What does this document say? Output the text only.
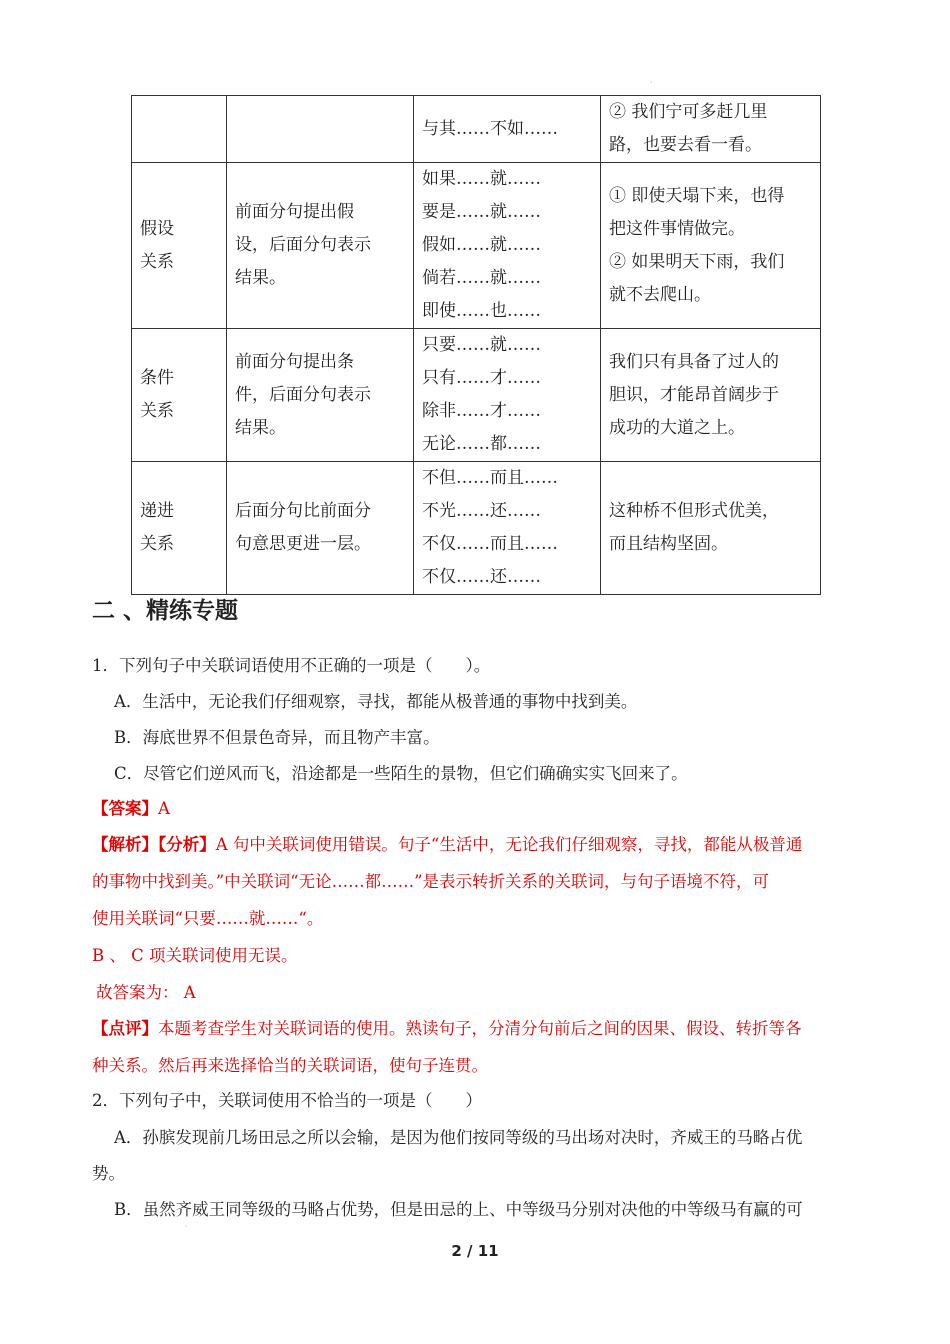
·

		与其……不如……	② 我们宁可多赶几里
路，也要去看一看。

假设
关系	前面分句提出假
设，后面分句表示
结果。	如果……就……
要是……就……
假如……就……
倘若……就……
即使……也……	① 即使天塌下来，也得
把这件事情做完。
② 如果明天下雨，我们
就不去爬山。

条件
关系	前面分句提出条
件，后面分句表示
结果。	只要……就……
只有……才……
除非……才……
无论……都……	我们只有具备了过人的
胆识，才能昂首阔步于
成功的大道之上。

递进
关系	后面分句比前面分
句意思更进一层。	不但……而且……
不光……还……
不仅……而且……
不仅……还……	这种桥不但形式优美，
而且结构坚固。
二 、精练专题
1．下列句子中关联词语使用不正确的一项是（　　）。
A．生活中，无论我们仔细观察，寻找，都能从极普通的事物中找到美。
B．海底世界不但景色奇异，而且物产丰富。
C．尽管它们逆风而飞，沿途都是一些陌生的景物，但它们确确实实飞回来了。
【答案】A
【解析】【分析】A 句中关联词使用错误。句子“生活中，无论我们仔细观察，寻找，都能从极普通
的事物中找到美。”中关联词“无论……都……”是表示转折关系的关联词，与句子语境不符，可
使用关联词“只要……就……“。
B 、 C 项关联词使用无误。
故答案为： A
【点评】本题考查学生对关联词语的使用。熟读句子，分清分句前后之间的因果、假设、转折等各
种关系。然后再来选择恰当的关联词语，使句子连贯。
2．下列句子中，关联词使用不恰当的一项是（　　）
A．孙膑发现前几场田忌之所以会输，是因为他们按同等级的马出场对决时，齐威王的马略占优
势。
B．虽然齐威王同等级的马略占优势，但是田忌的上、中等级马分别对决他的中等级马有赢的可
·
2 / 11
